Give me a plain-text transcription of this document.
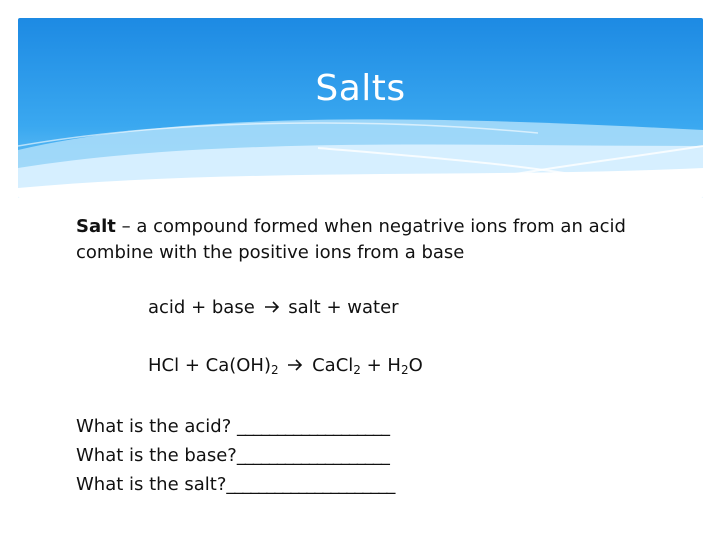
Salts
Salt – a compound formed when negatrive ions from an acid combine with the positive ions from a base
acid + base salt + water
HCl + $Ca(OH)_2$ CaCl$_2$ + $H_2O$
What is the acid? ___________________
What is the base?___________________
What is the salt?_____________________
